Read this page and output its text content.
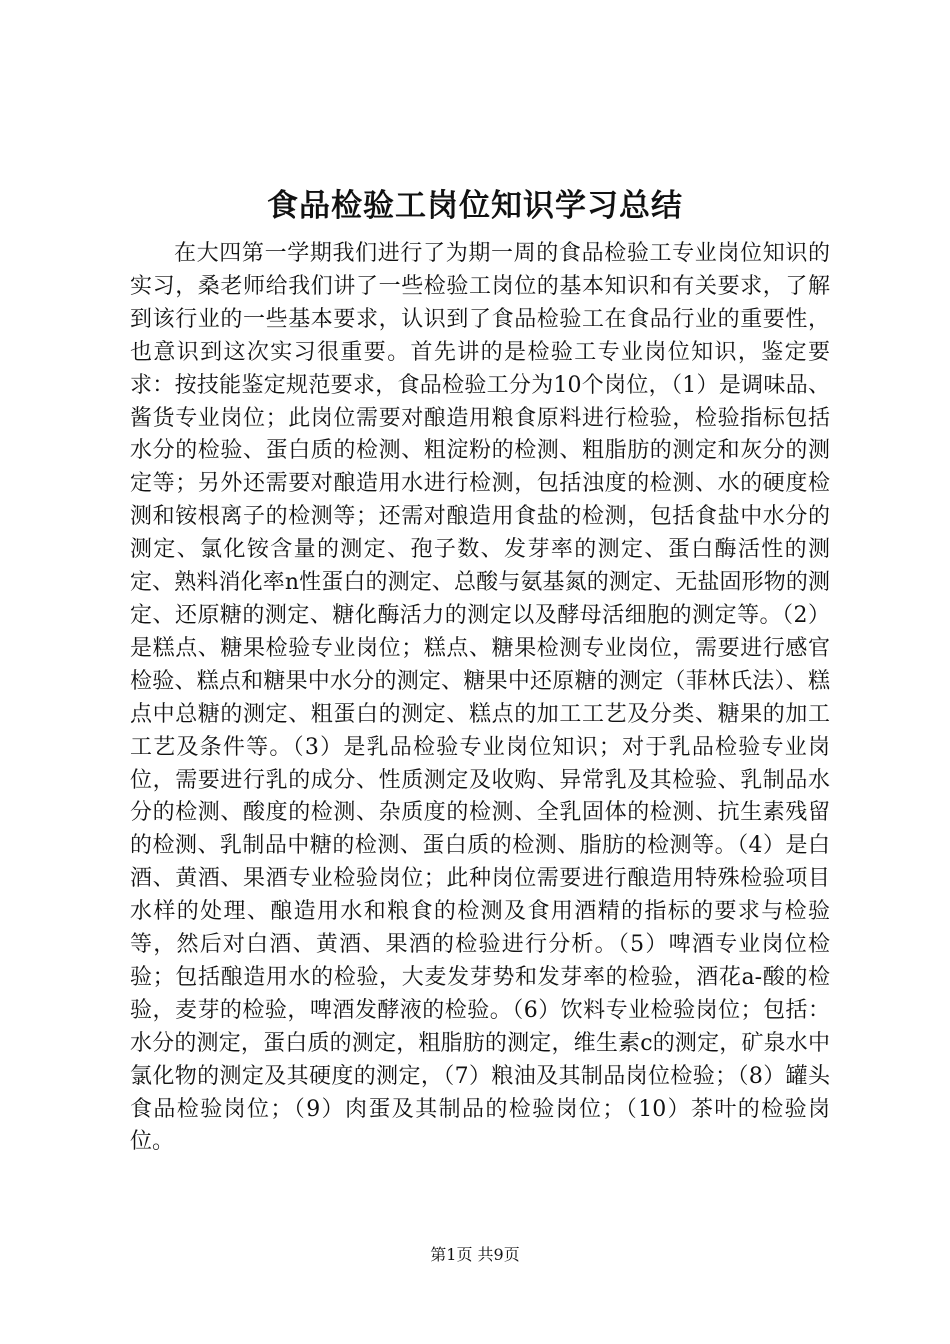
食品检验工岗位知识学习总结

在大四第一学期我们进行了为期一周的食品检验工专业岗位知识的实习，桑老师给我们讲了一些检验工岗位的基本知识和有关要求，了解到该行业的一些基本要求，认识到了食品检验工在食品行业的重要性，也意识到这次实习很重要。首先讲的是检验工专业岗位知识，鉴定要求：按技能鉴定规范要求，食品检验工分为10个岗位，（1）是调味品、酱货专业岗位；此岗位需要对酿造用粮食原料进行检验，检验指标包括水分的检验、蛋白质的检测、粗淀粉的检测、粗脂肪的测定和灰分的测定等；另外还需要对酿造用水进行检测，包括浊度的检测、水的硬度检测和铵根离子的检测等；还需对酿造用食盐的检测，包括食盐中水分的测定、氯化铵含量的测定、孢子数、发芽率的测定、蛋白酶活性的测定、熟料消化率n性蛋白的测定、总酸与氨基氮的测定、无盐固形物的测定、还原糖的测定、糖化酶活力的测定以及酵母活细胞的测定等。（2）是糕点、糖果检验专业岗位；糕点、糖果检测专业岗位，需要进行感官检验、糕点和糖果中水分的测定、糖果中还原糖的测定（菲林氏法）、糕点中总糖的测定、粗蛋白的测定、糕点的加工工艺及分类、糖果的加工工艺及条件等。（3）是乳品检验专业岗位知识；对于乳品检验专业岗位，需要进行乳的成分、性质测定及收购、异常乳及其检验、乳制品水分的检测、酸度的检测、杂质度的检测、全乳固体的检测、抗生素残留的检测、乳制品中糖的检测、蛋白质的检测、脂肪的检测等。（4）是白酒、黄酒、果酒专业检验岗位；此种岗位需要进行酿造用特殊检验项目水样的处理、酿造用水和粮食的检测及食用酒精的指标的要求与检验等，然后对白酒、黄酒、果酒的检验进行分析。（5）啤酒专业岗位检验；包括酿造用水的检验，大麦发芽势和发芽率的检验，酒花a-酸的检验，麦芽的检验，啤酒发酵液的检验。（6）饮料专业检验岗位；包括：水分的测定，蛋白质的测定，粗脂肪的测定，维生素c的测定，矿泉水中氯化物的测定及其硬度的测定，（7）粮油及其制品岗位检验；（8）罐头食品检验岗位；（9）肉蛋及其制品的检验岗位；（10）茶叶的检验岗位。

第1页 共9页
